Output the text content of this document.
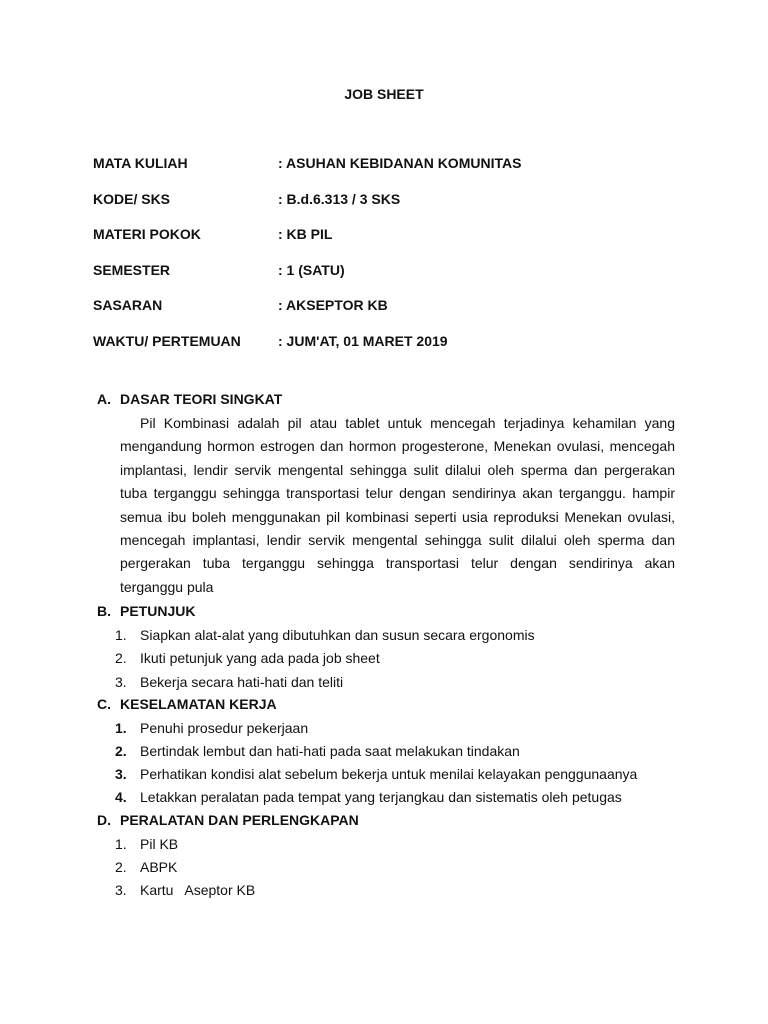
JOB SHEET
MATA KULIAH	: ASUHAN KEBIDANAN KOMUNITAS
KODE/ SKS	: B.d.6.313 / 3 SKS
MATERI POKOK	: KB PIL
SEMESTER	: 1 (SATU)
SASARAN	: AKSEPTOR KB
WAKTU/ PERTEMUAN	: JUM'AT, 01 MARET 2019
A. DASAR TEORI SINGKAT
Pil Kombinasi adalah pil atau tablet untuk mencegah terjadinya kehamilan yang mengandung hormon estrogen dan hormon progesterone, Menekan ovulasi, mencegah implantasi, lendir servik mengental sehingga sulit dilalui oleh sperma dan pergerakan tuba terganggu sehingga transportasi telur dengan sendirinya akan terganggu. hampir semua ibu boleh menggunakan pil kombinasi seperti usia reproduksi Menekan ovulasi, mencegah implantasi, lendir servik mengental sehingga sulit dilalui oleh sperma dan pergerakan tuba terganggu sehingga transportasi telur dengan sendirinya akan terganggu pula
B. PETUNJUK
1. Siapkan alat-alat yang dibutuhkan dan susun secara ergonomis
2. Ikuti petunjuk yang ada pada job sheet
3. Bekerja secara hati-hati dan teliti
C. KESELAMATAN KERJA
1. Penuhi prosedur pekerjaan
2. Bertindak lembut dan hati-hati pada saat melakukan tindakan
3. Perhatikan kondisi alat sebelum bekerja untuk menilai kelayakan penggunaanya
4. Letakkan peralatan pada tempat yang terjangkau dan sistematis oleh petugas
D. PERALATAN DAN PERLENGKAPAN
1. Pil KB
2. ABPK
3. Kartu   Aseptor KB
